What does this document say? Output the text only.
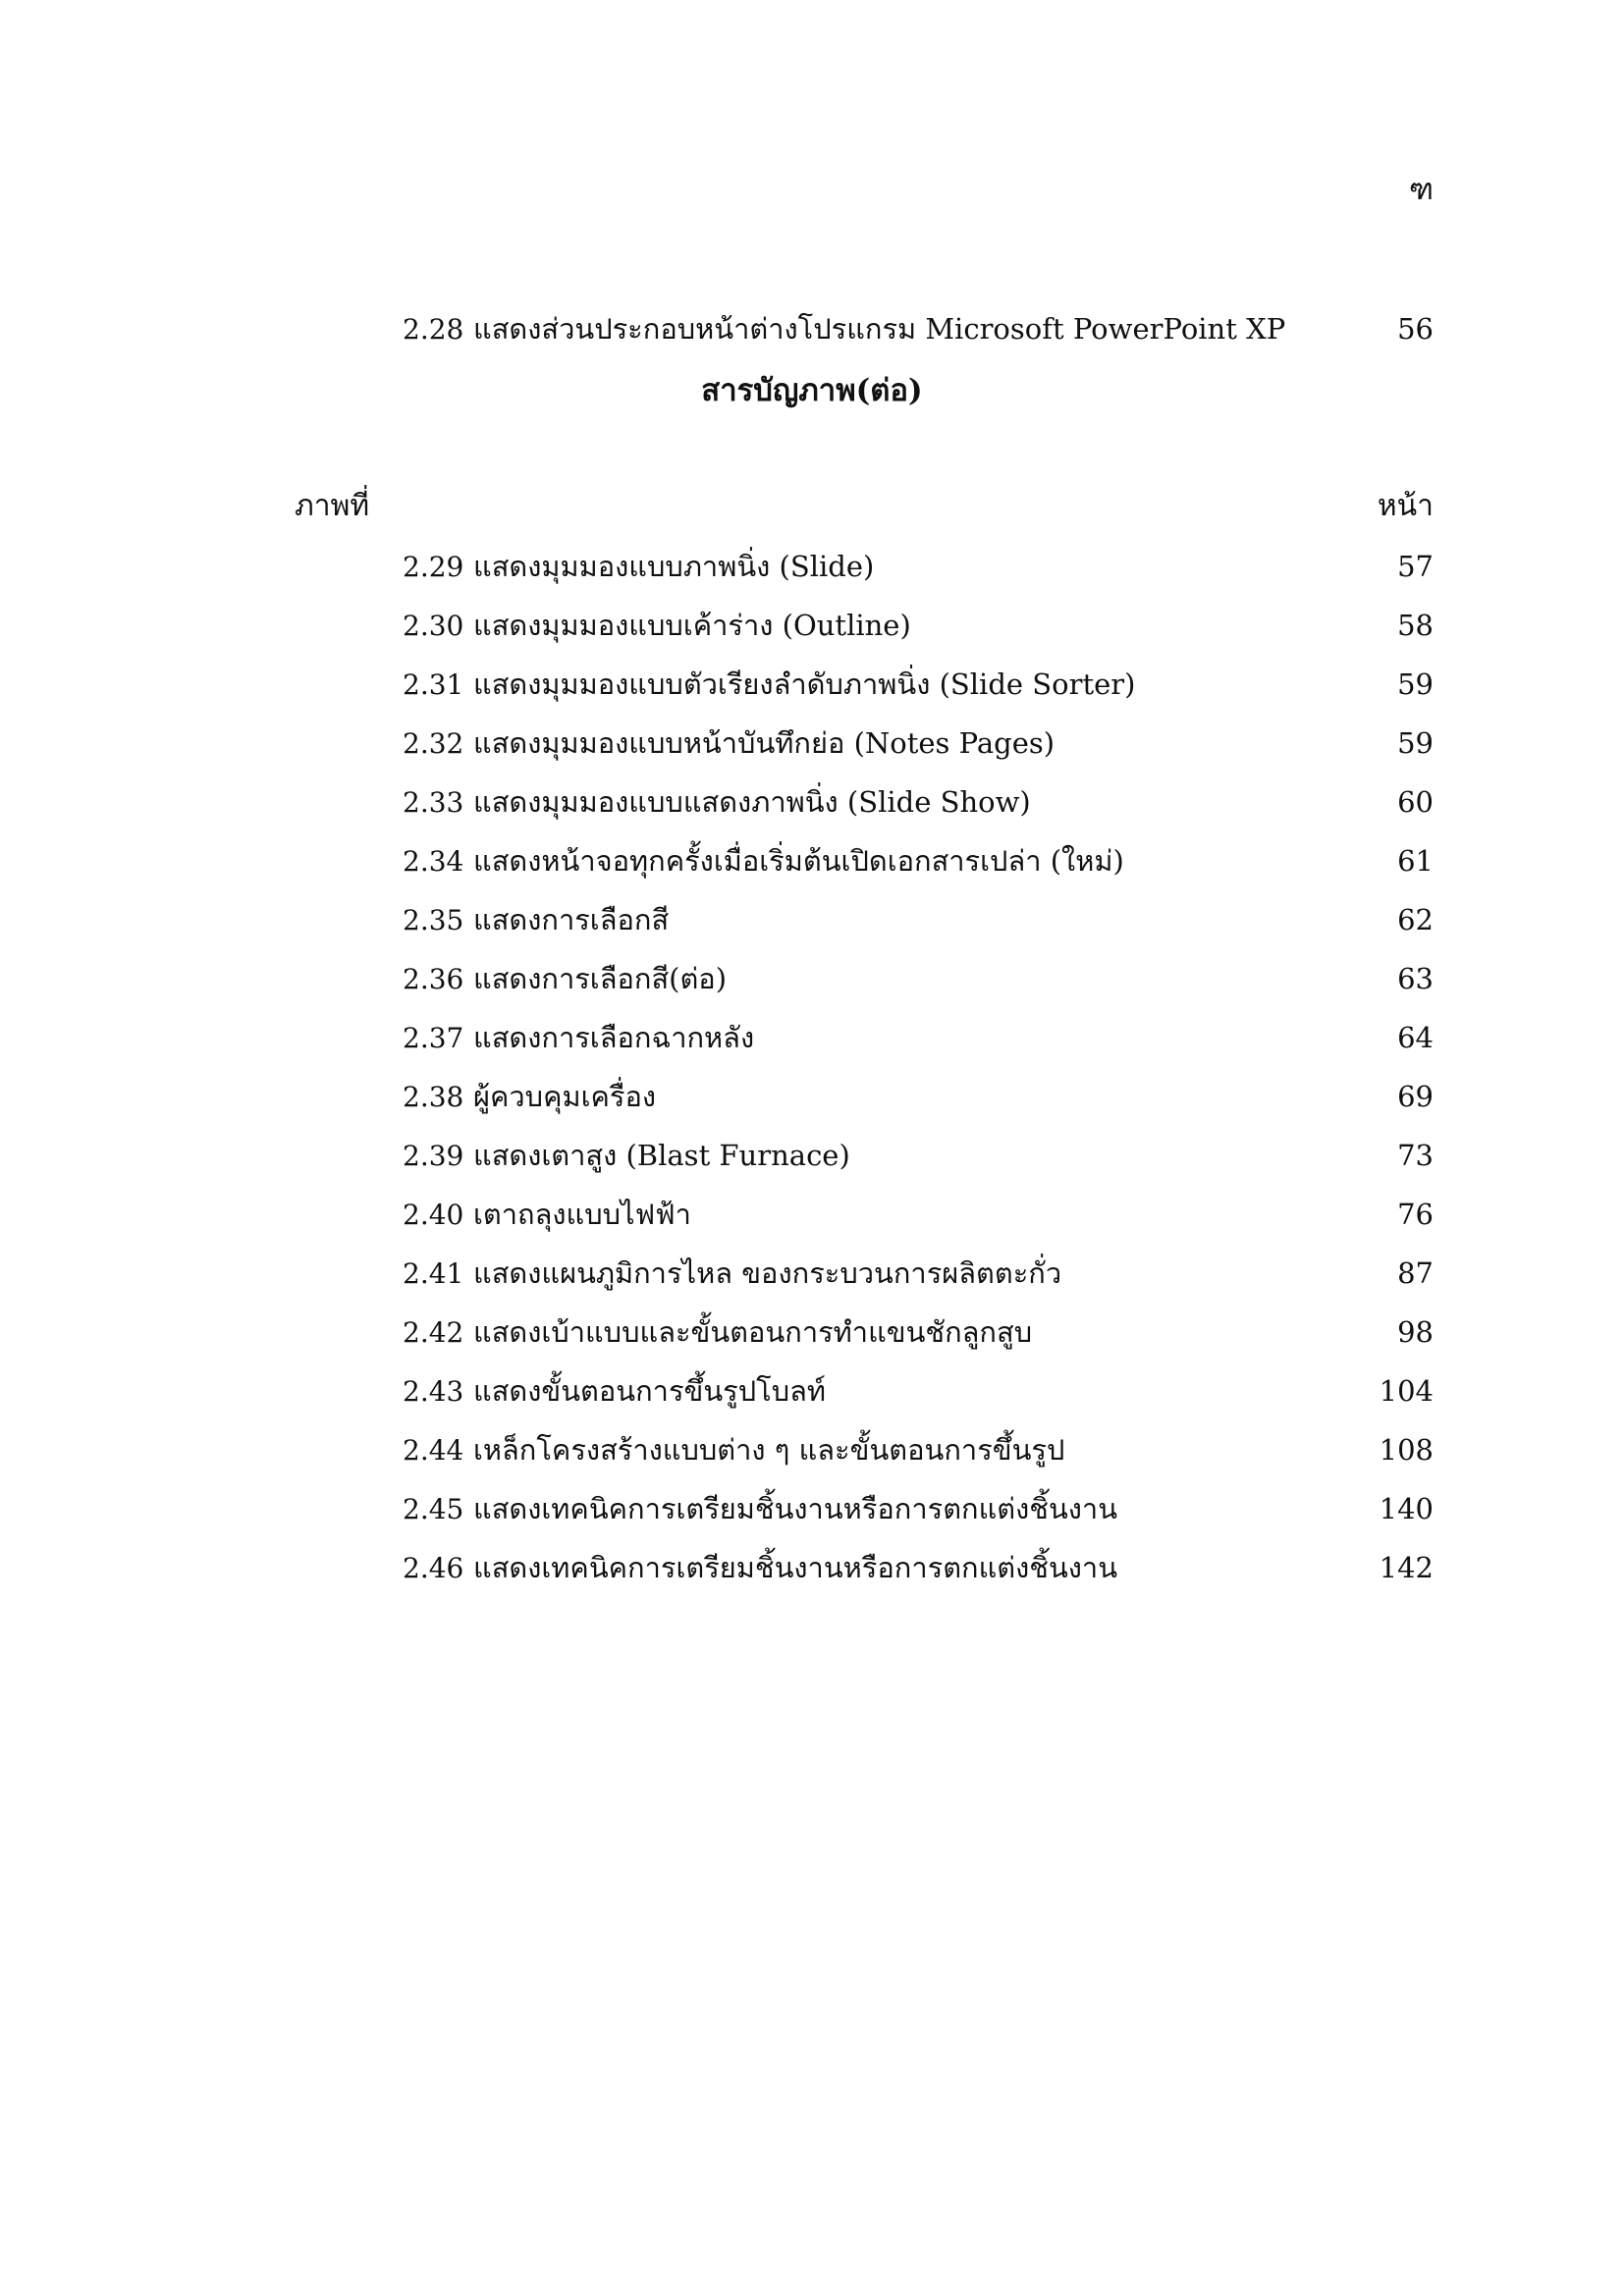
ฑ
2.28 แสดงส่วนประกอบหน้าต่างโปรแกรม Microsoft PowerPoint XP	56
สารบัญภาพ(ต่อ)
ภาพที่	หน้า
2.29 แสดงมุมมองแบบภาพนิ่ง (Slide)	57
2.30 แสดงมุมมองแบบเค้าร่าง (Outline)	58
2.31 แสดงมุมมองแบบตัวเรียงลำดับภาพนิ่ง (Slide Sorter)	59
2.32 แสดงมุมมองแบบหน้าบันทึกย่อ (Notes Pages)	59
2.33 แสดงมุมมองแบบแสดงภาพนิ่ง (Slide Show)	60
2.34 แสดงหน้าจอทุกครั้งเมื่อเริ่มต้นเปิดเอกสารเปล่า (ใหม่)	61
2.35 แสดงการเลือกสี	62
2.36 แสดงการเลือกสี(ต่อ)	63
2.37 แสดงการเลือกฉากหลัง	64
2.38 ผู้ควบคุมเครื่อง	69
2.39 แสดงเตาสูง (Blast Furnace)	73
2.40 เตาถลุงแบบไฟฟ้า	76
2.41 แสดงแผนภูมิการไหล ของกระบวนการผลิตตะกั่ว	87
2.42 แสดงเบ้าแบบและขั้นตอนการทำแขนชักลูกสูบ	98
2.43 แสดงขั้นตอนการขึ้นรูปโบลท์	104
2.44 เหล็กโครงสร้างแบบต่าง ๆ และขั้นตอนการขึ้นรูป	108
2.45 แสดงเทคนิคการเตรียมชิ้นงานหรือการตกแต่งชิ้นงาน	140
2.46 แสดงเทคนิคการเตรียมชิ้นงานหรือการตกแต่งชิ้นงาน	142
